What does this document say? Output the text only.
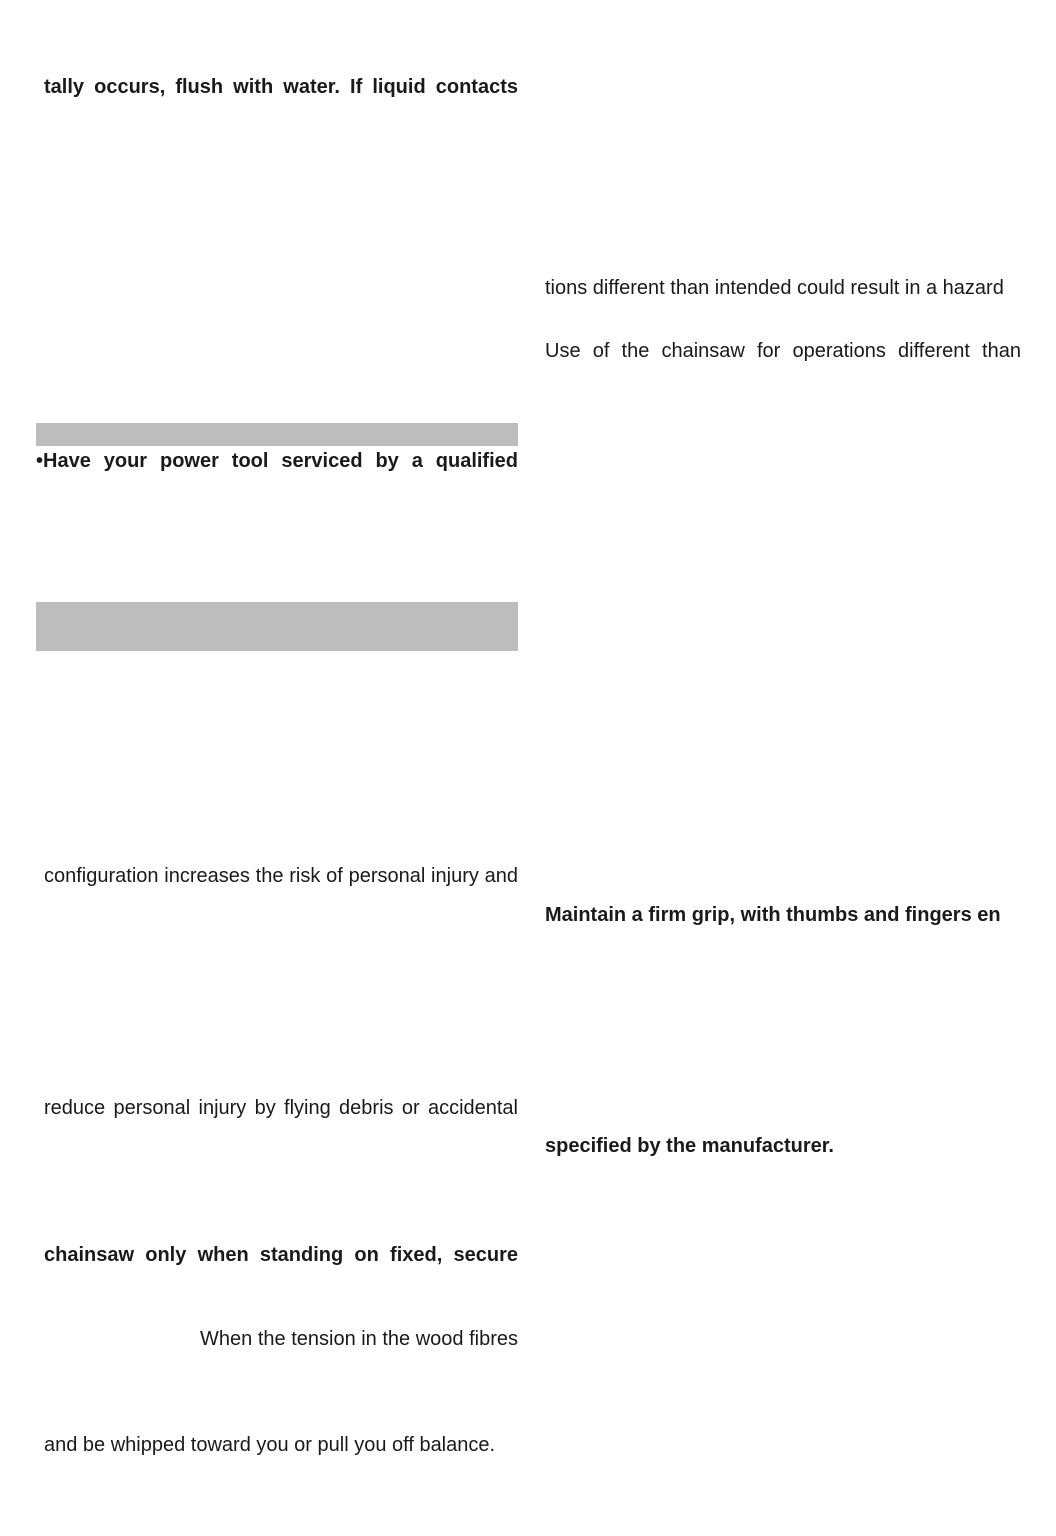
tally occurs, flush with water. If liquid contacts
•Have your power tool serviced by a qualified
configuration increases the risk of personal injury and
reduce personal injury by flying debris or accidental
chainsaw only when standing on fixed, secure
When the tension in the wood fibres
and be whipped toward you or pull you off balance.
tions different than intended could result in a hazard
Use of the chainsaw for operations different than
Maintain a firm grip, with thumbs and fingers en
specified by the manufacturer.
